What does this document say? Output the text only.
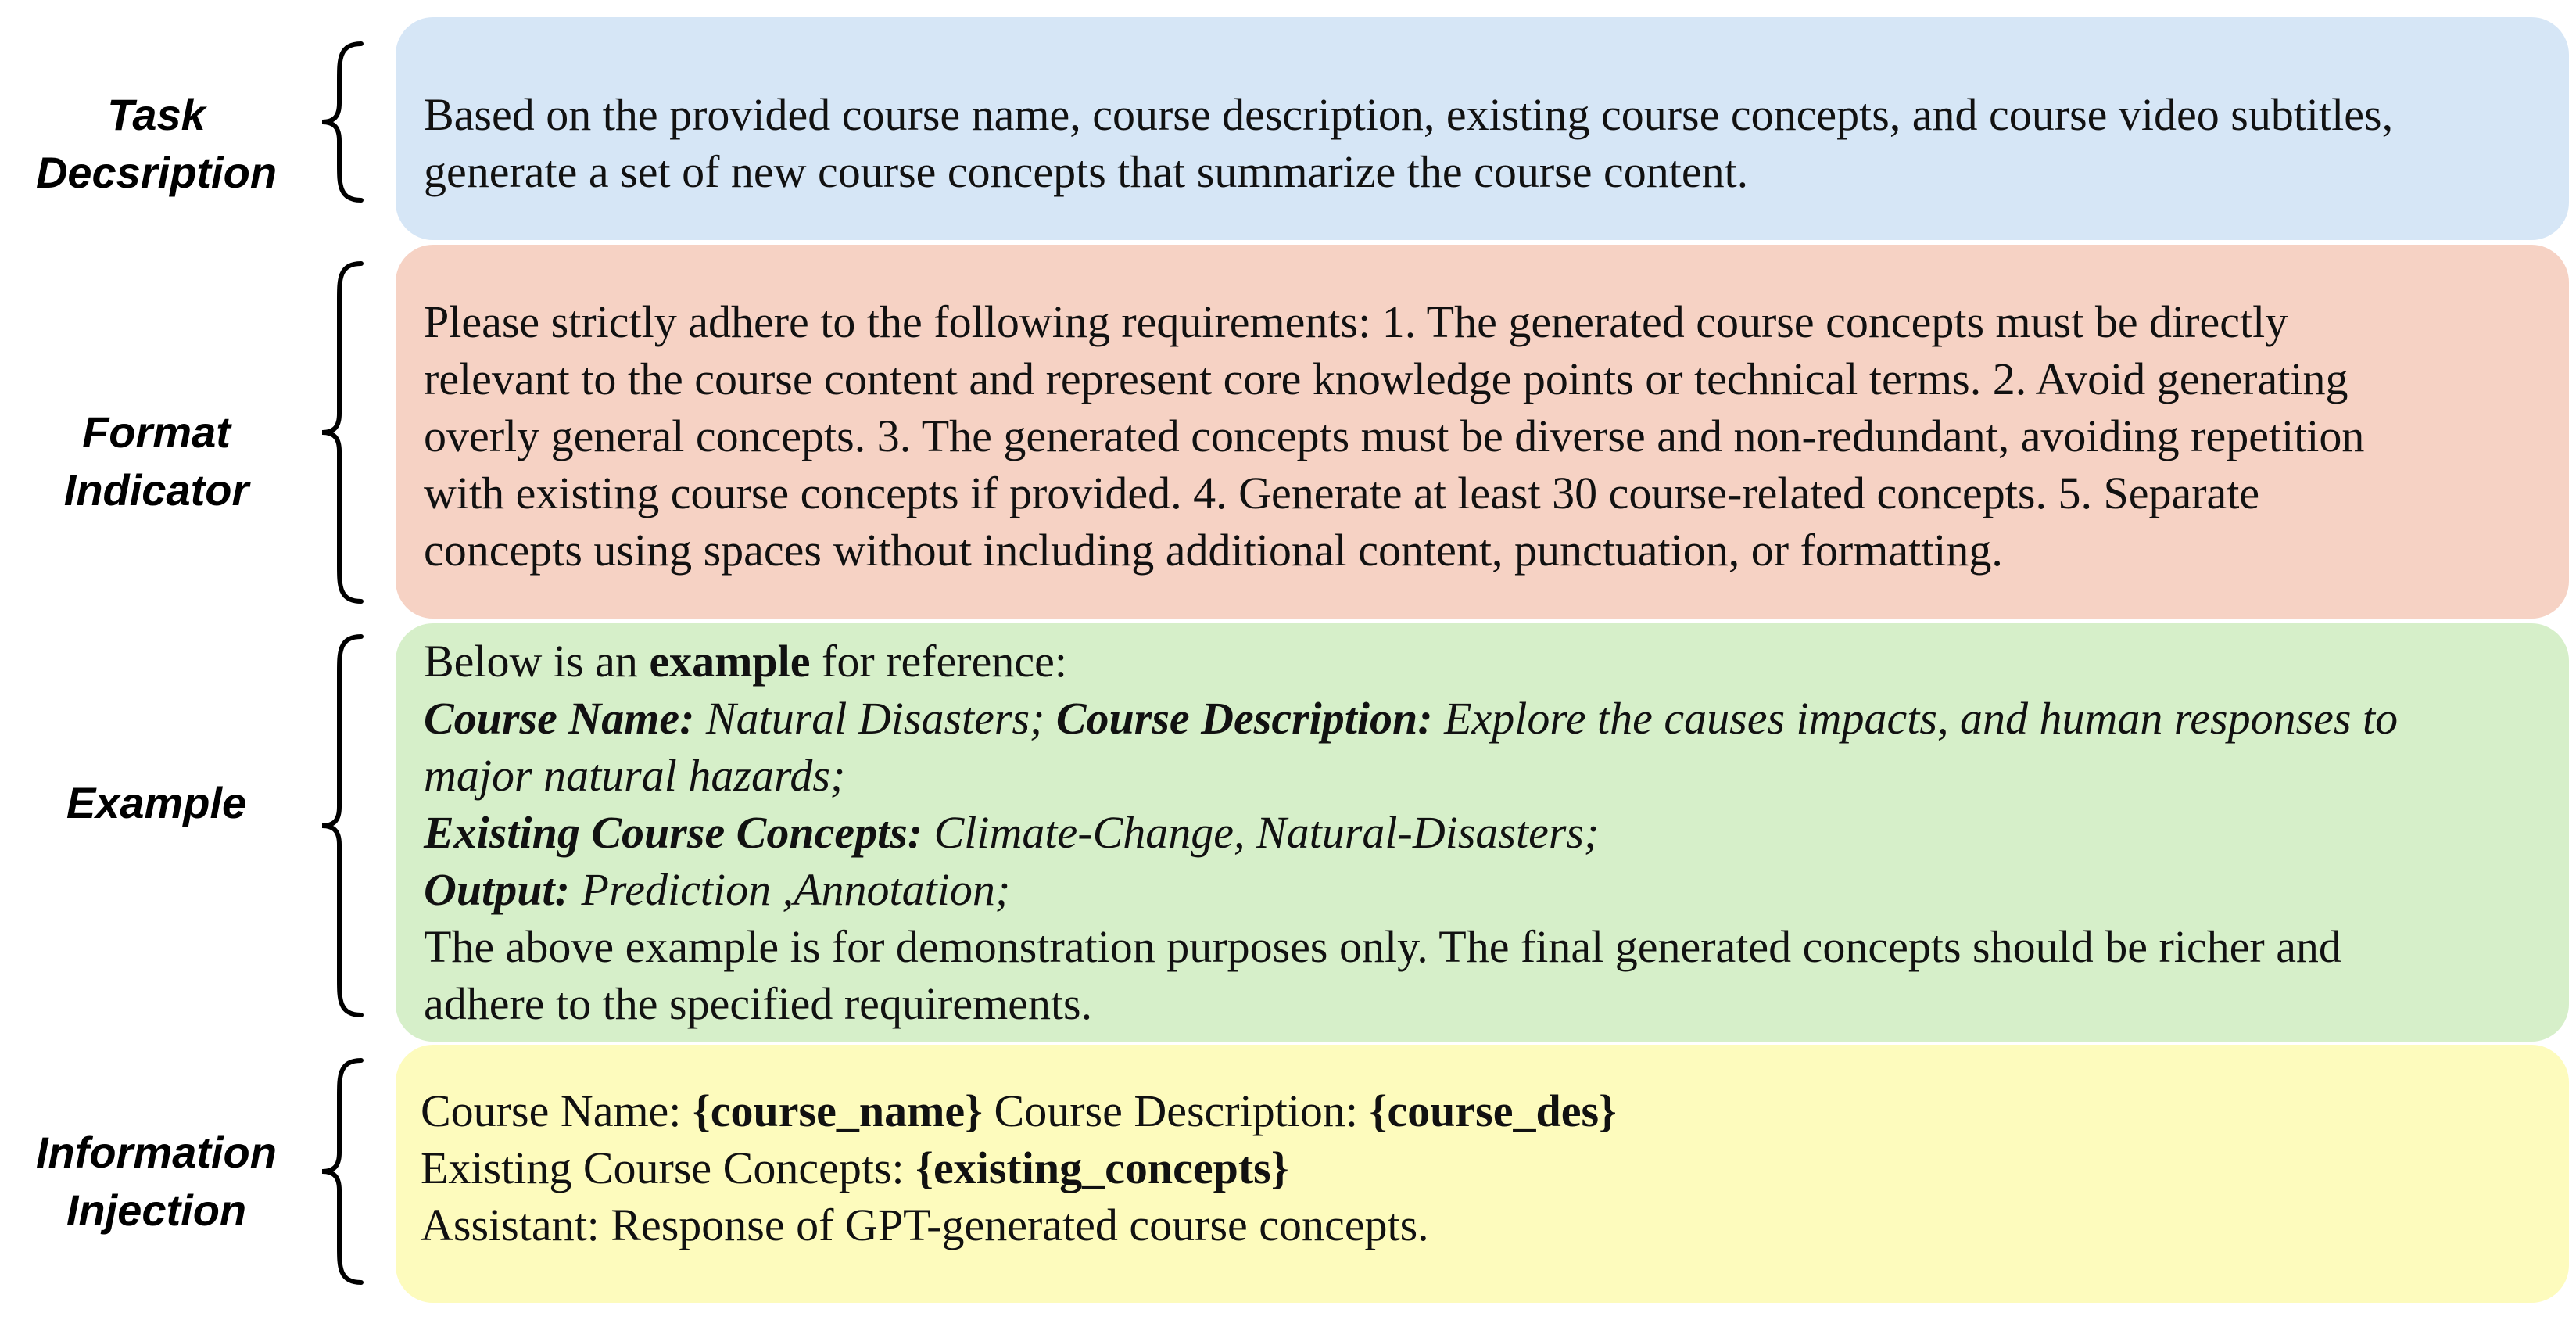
Task
Decsription
Format
Indicator
Example
Information
Injection

Based on the provided course name, course description, existing course concepts, and course video subtitles,

generate a set of new course concepts that summarize the course content.

Please strictly adhere to the following requirements: 1. The generated course concepts must be directly

relevant to the course content and represent core knowledge points or technical terms. 2. Avoid generating

overly general concepts. 3. The generated concepts must be diverse and non-redundant, avoiding repetition

with existing course concepts if provided. 4. Generate at least 30 course-related concepts. 5. Separate

concepts using spaces without including additional content, punctuation, or formatting.

Below is an example for reference:

Course Name: Natural Disasters; Course Description: Explore the causes impacts, and human responses to

major natural hazards;

Existing Course Concepts: Climate-Change, Natural-Disasters;

Output: Prediction ,Annotation;

The above example is for demonstration purposes only. The final generated concepts should be richer and

adhere to the specified requirements.

Course Name: {course_name} Course Description: {course_des}

Existing Course Concepts: {existing_concepts}

Assistant: Response of GPT-generated course concepts.
